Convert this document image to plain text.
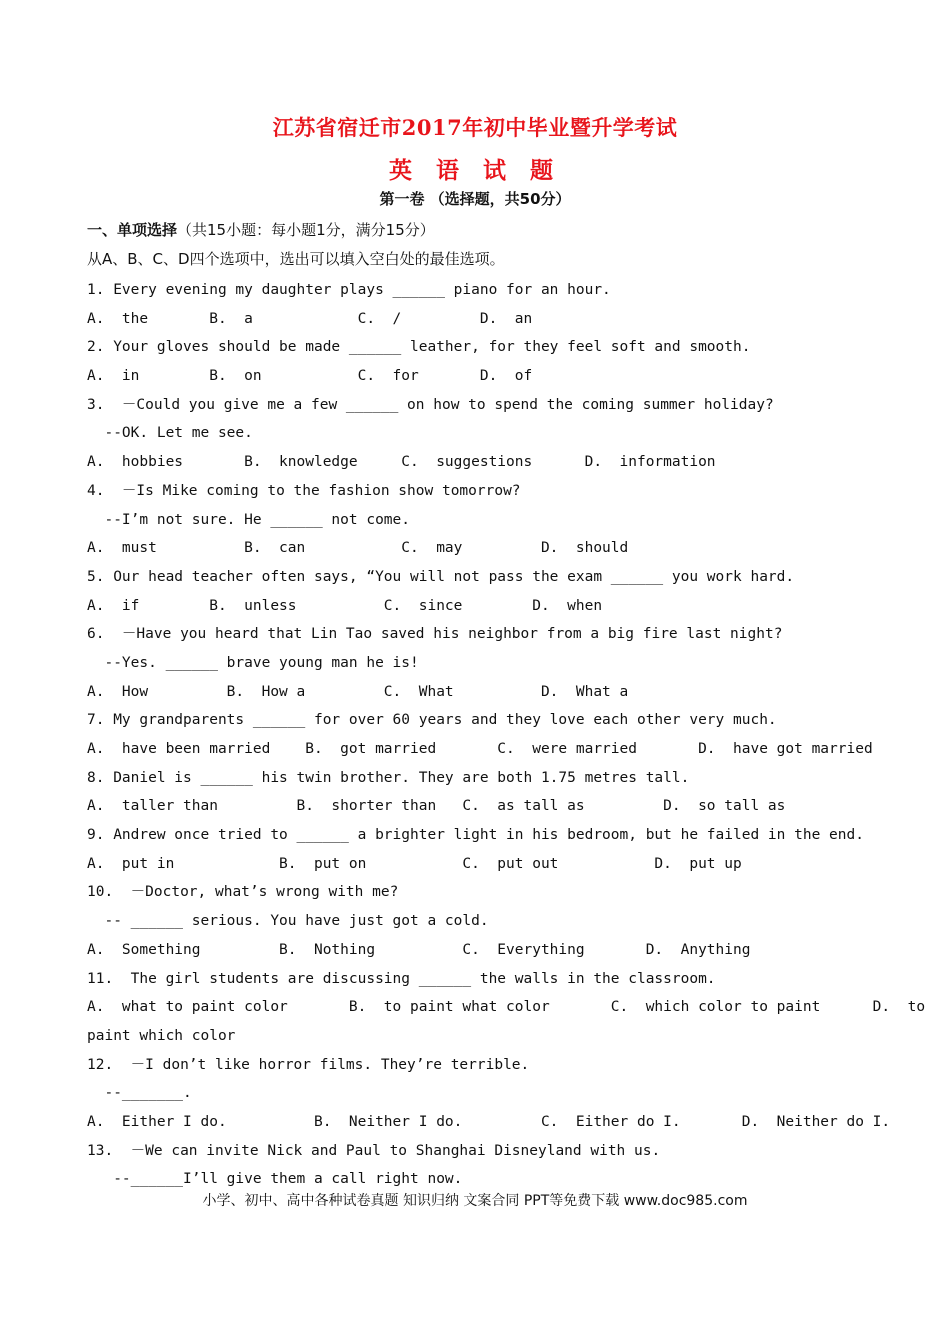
江苏省宿迁市2017年初中毕业暨升学考试
英 语 试 题
第一卷 （选择题，共50分）
一、单项选择（共15小题：每小题1分，满分15分）
从A、B、C、D四个选项中，选出可以填入空白处的最佳选项。
1. Every evening my daughter plays ______ piano for an hour.
A.  the       B.  a            C.  /         D.  an
2. Your gloves should be made ______ leather, for they feel soft and smooth.
A.  in        B.  on           C.  for       D.  of
3.  －Could you give me a few ______ on how to spend the coming summer holiday?
--OK. Let me see.
A.  hobbies       B.  knowledge     C.  suggestions      D.  information
4.  －Is Mike coming to the fashion show tomorrow?
--I’m not sure. He ______ not come.
A.  must          B.  can           C.  may         D.  should
5. Our head teacher often says, “You will not pass the exam ______ you work hard.
A.  if        B.  unless          C.  since        D.  when
6.  －Have you heard that Lin Tao saved his neighbor from a big fire last night?
--Yes. ______ brave young man he is!
A.  How         B.  How a         C.  What          D.  What a
7. My grandparents ______ for over 60 years and they love each other very much.
A.  have been married    B.  got married       C.  were married       D.  have got married
8. Daniel is ______ his twin brother. They are both 1.75 metres tall.
A.  taller than         B.  shorter than   C.  as tall as         D.  so tall as
9. Andrew once tried to ______ a brighter light in his bedroom, but he failed in the end.
A.  put in            B.  put on           C.  put out           D.  put up
10.  －Doctor, what’s wrong with me?
-- ______ serious. You have just got a cold.
A.  Something         B.  Nothing          C.  Everything       D.  Anything
11.  The girl students are discussing ______ the walls in the classroom.
A.  what to paint color       B.  to paint what color       C.  which color to paint      D.  to
paint which color
12.  －I don’t like horror films. They’re terrible.
--_______.
A.  Either I do.          B.  Neither I do.         C.  Either do I.       D.  Neither do I.
13.  －We can invite Nick and Paul to Shanghai Disneyland with us.
--______I’ll give them a call right now.
小学、初中、高中各种试卷真题 知识归纳 文案合同 PPT等免费下载 www.doc985.com
